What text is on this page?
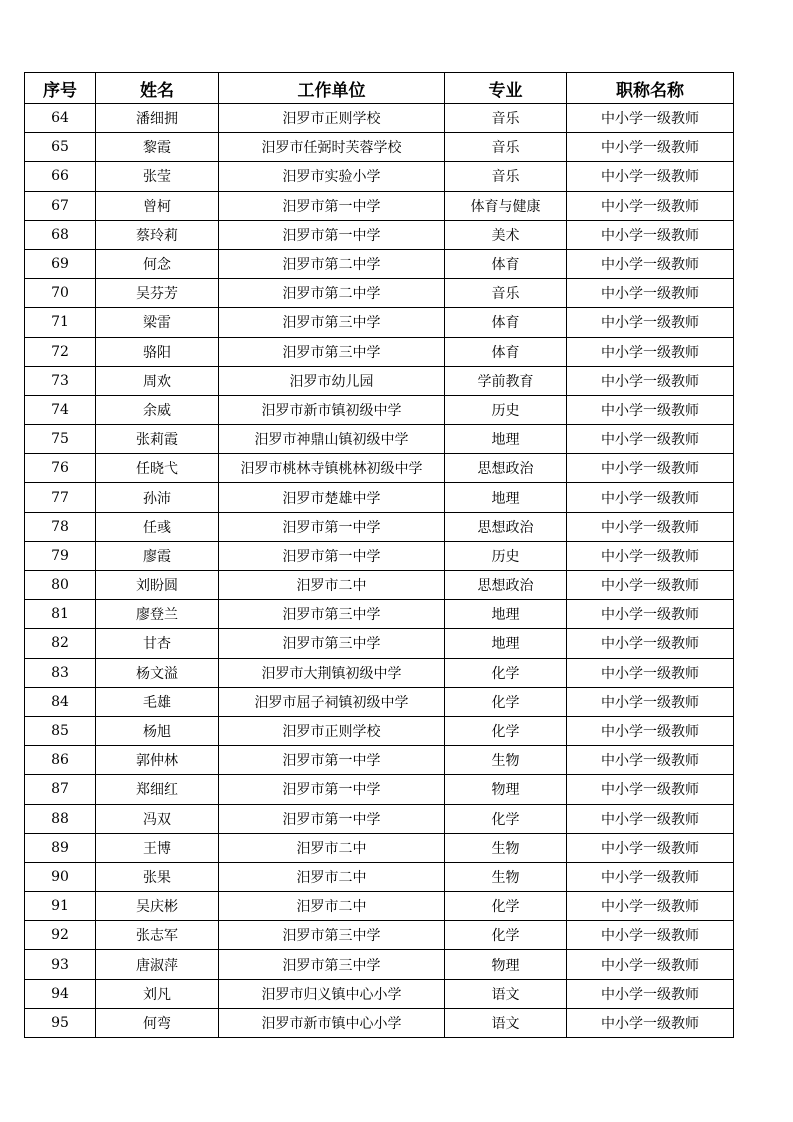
序号	姓名	工作单位	专业	职称名称
64	潘细拥	汨罗市正则学校	音乐	中小学一级教师
65	黎霞	汨罗市任弼时芙蓉学校	音乐	中小学一级教师
66	张莹	汨罗市实验小学	音乐	中小学一级教师
67	曾柯	汨罗市第一中学	体育与健康	中小学一级教师
68	蔡玲莉	汨罗市第一中学	美术	中小学一级教师
69	何念	汨罗市第二中学	体育	中小学一级教师
70	吴芬芳	汨罗市第二中学	音乐	中小学一级教师
71	梁雷	汨罗市第三中学	体育	中小学一级教师
72	骆阳	汨罗市第三中学	体育	中小学一级教师
73	周欢	汨罗市幼儿园	学前教育	中小学一级教师
74	余威	汨罗市新市镇初级中学	历史	中小学一级教师
75	张莉霞	汨罗市神鼎山镇初级中学	地理	中小学一级教师
76	任晓弋	汨罗市桃林寺镇桃林初级中学	思想政治	中小学一级教师
77	孙沛	汨罗市楚雄中学	地理	中小学一级教师
78	任彧	汨罗市第一中学	思想政治	中小学一级教师
79	廖霞	汨罗市第一中学	历史	中小学一级教师
80	刘盼圆	汨罗市二中	思想政治	中小学一级教师
81	廖登兰	汨罗市第三中学	地理	中小学一级教师
82	甘杏	汨罗市第三中学	地理	中小学一级教师
83	杨文溢	汨罗市大荆镇初级中学	化学	中小学一级教师
84	毛雄	汨罗市屈子祠镇初级中学	化学	中小学一级教师
85	杨旭	汨罗市正则学校	化学	中小学一级教师
86	郭仲林	汨罗市第一中学	生物	中小学一级教师
87	郑细红	汨罗市第一中学	物理	中小学一级教师
88	冯双	汨罗市第一中学	化学	中小学一级教师
89	王博	汨罗市二中	生物	中小学一级教师
90	张果	汨罗市二中	生物	中小学一级教师
91	吴庆彬	汨罗市二中	化学	中小学一级教师
92	张志军	汨罗市第三中学	化学	中小学一级教师
93	唐淑萍	汨罗市第三中学	物理	中小学一级教师
94	刘凡	汨罗市归义镇中心小学	语文	中小学一级教师
95	何弯	汨罗市新市镇中心小学	语文	中小学一级教师
